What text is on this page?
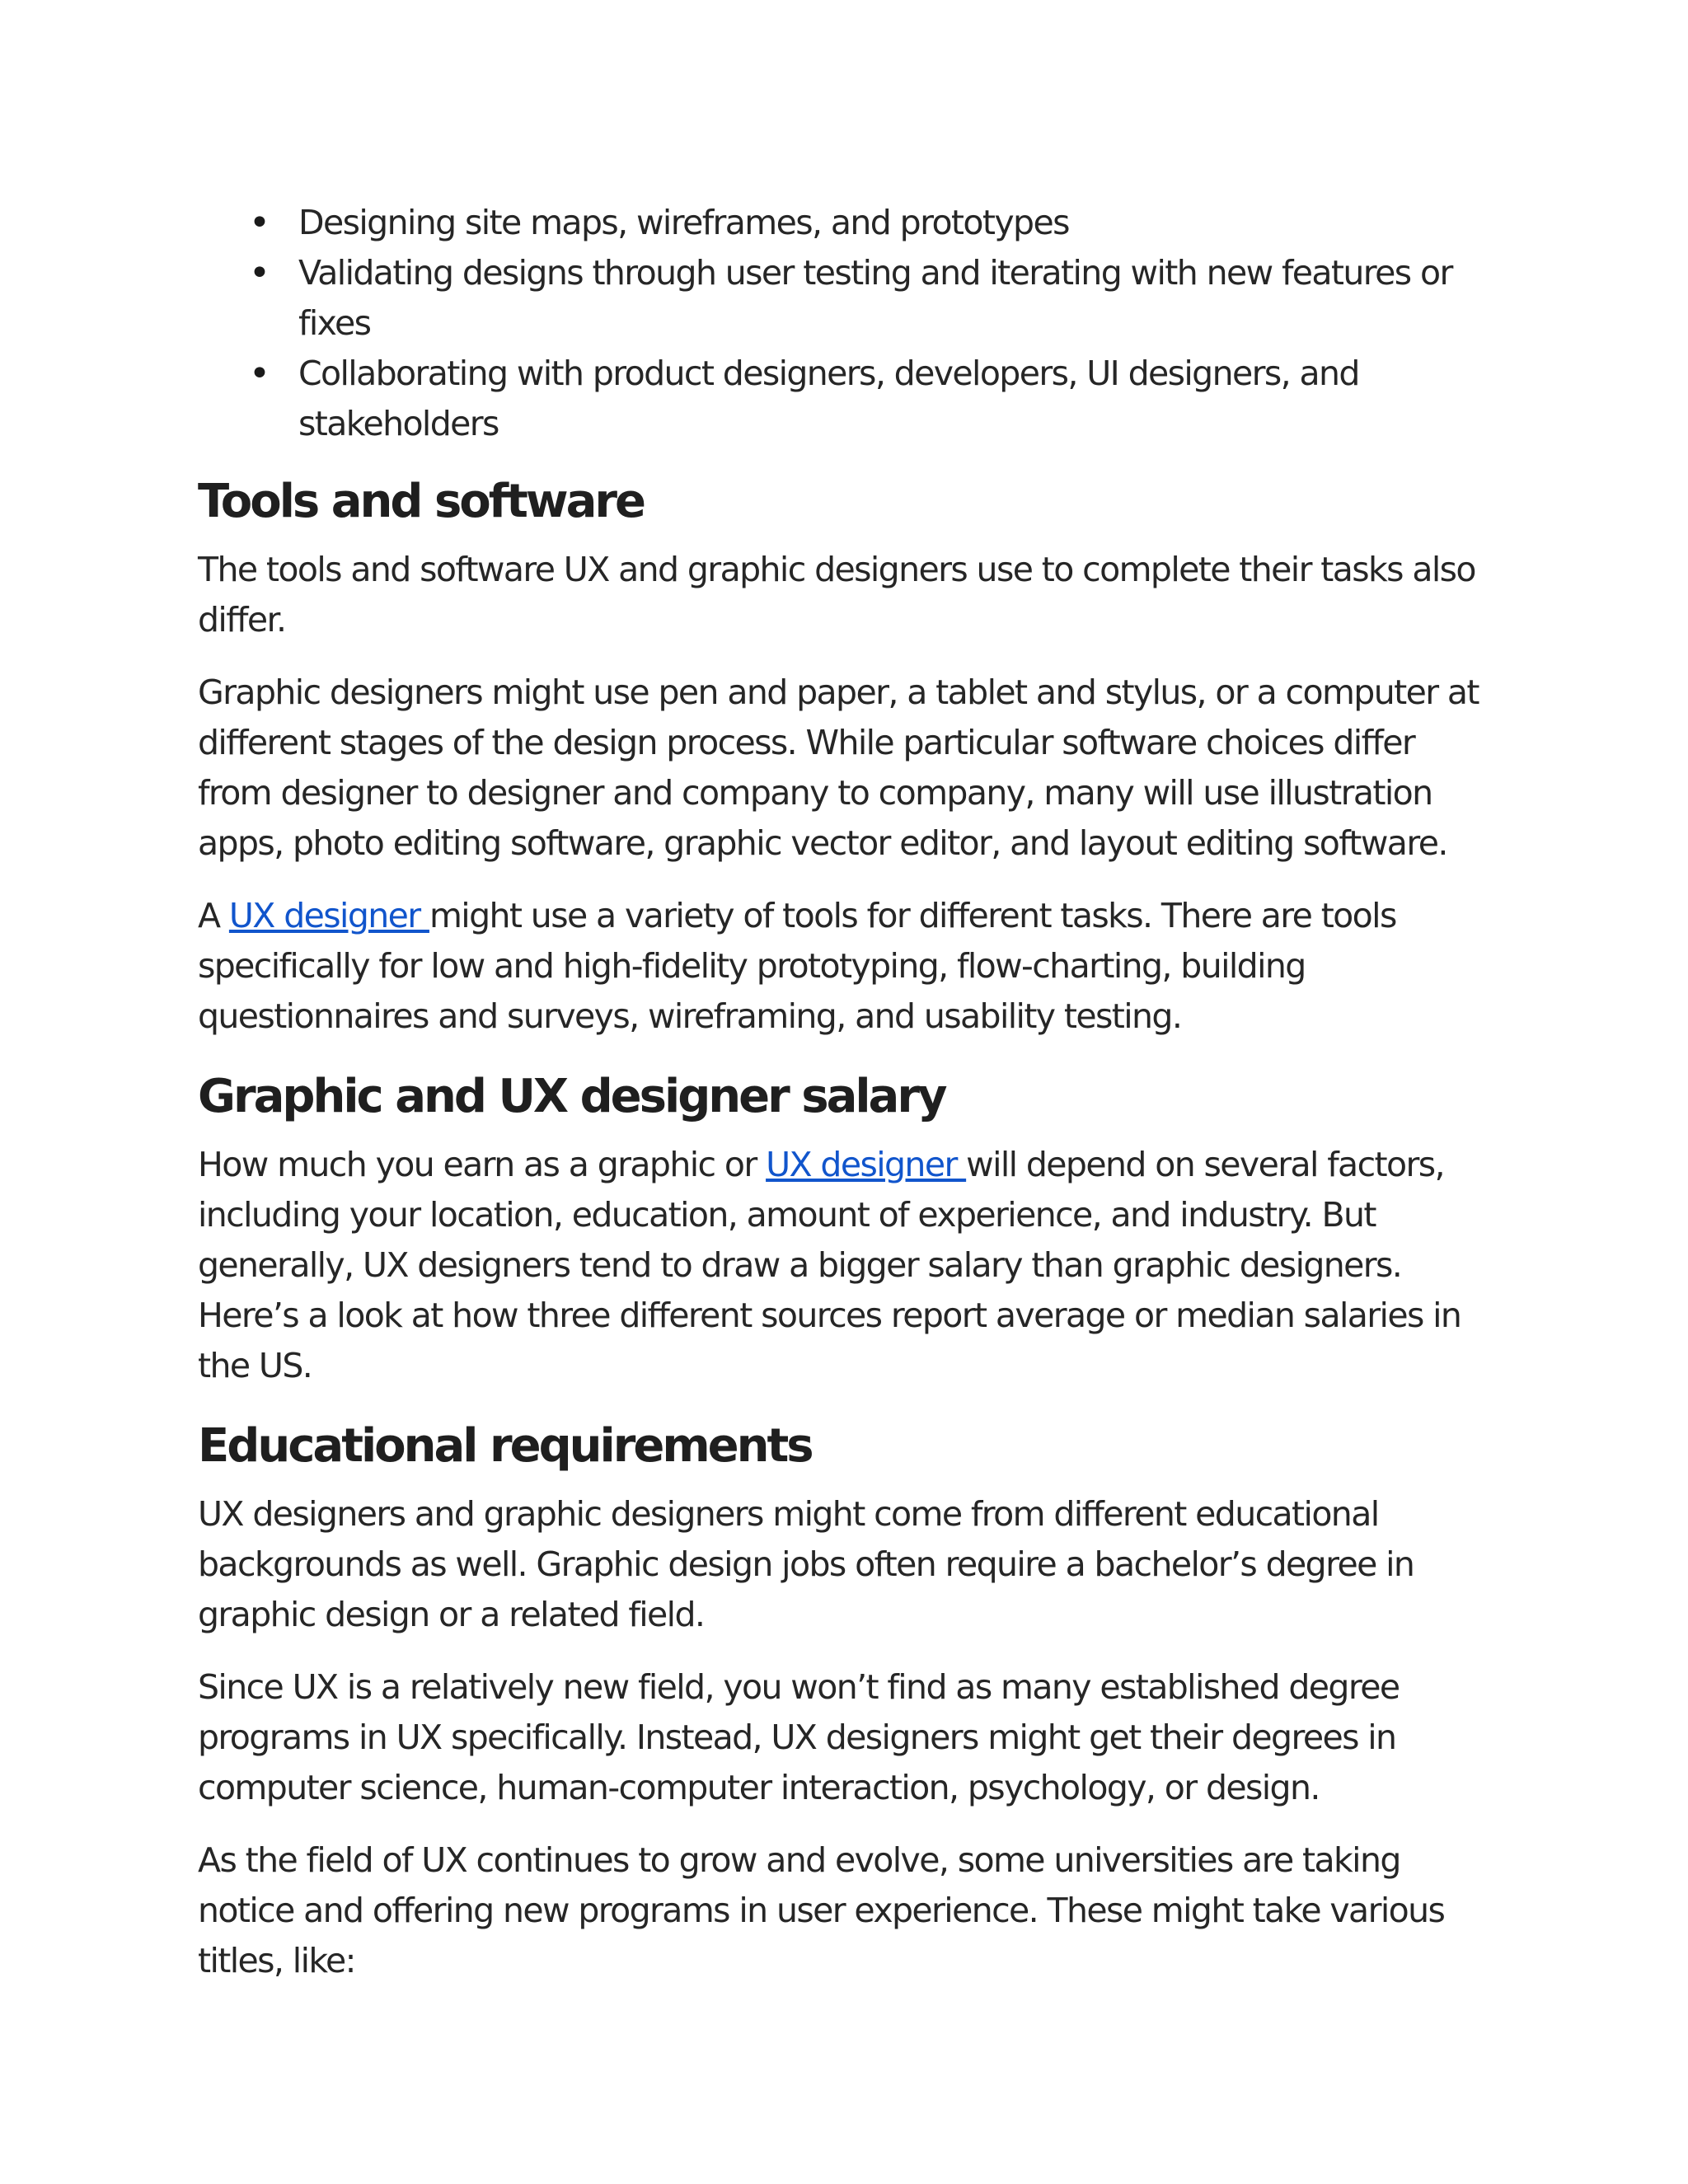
• Designing site maps, wireframes, and prototypes
• Validating designs through user testing and iterating with new features or fixes
• Collaborating with product designers, developers, UI designers, and stakeholders
Tools and software

The tools and software UX and graphic designers use to complete their tasks also differ.

Graphic designers might use pen and paper, a tablet and stylus, or a computer at different stages of the design process. While particular software choices differ from designer to designer and company to company, many will use illustration apps, photo editing software, graphic vector editor, and layout editing software.

A UX designer might use a variety of tools for different tasks. There are tools specifically for low and high-fidelity prototyping, flow-charting, building questionnaires and surveys, wireframing, and usability testing.

Graphic and UX designer salary

How much you earn as a graphic or UX designer will depend on several factors, including your location, education, amount of experience, and industry. But generally, UX designers tend to draw a bigger salary than graphic designers. Here’s a look at how three different sources report average or median salaries in the US.

Educational requirements

UX designers and graphic designers might come from different educational backgrounds as well. Graphic design jobs often require a bachelor’s degree in graphic design or a related field.

Since UX is a relatively new field, you won’t find as many established degree programs in UX specifically. Instead, UX designers might get their degrees in computer science, human-computer interaction, psychology, or design.

As the field of UX continues to grow and evolve, some universities are taking notice and offering new programs in user experience. These might take various titles, like:
